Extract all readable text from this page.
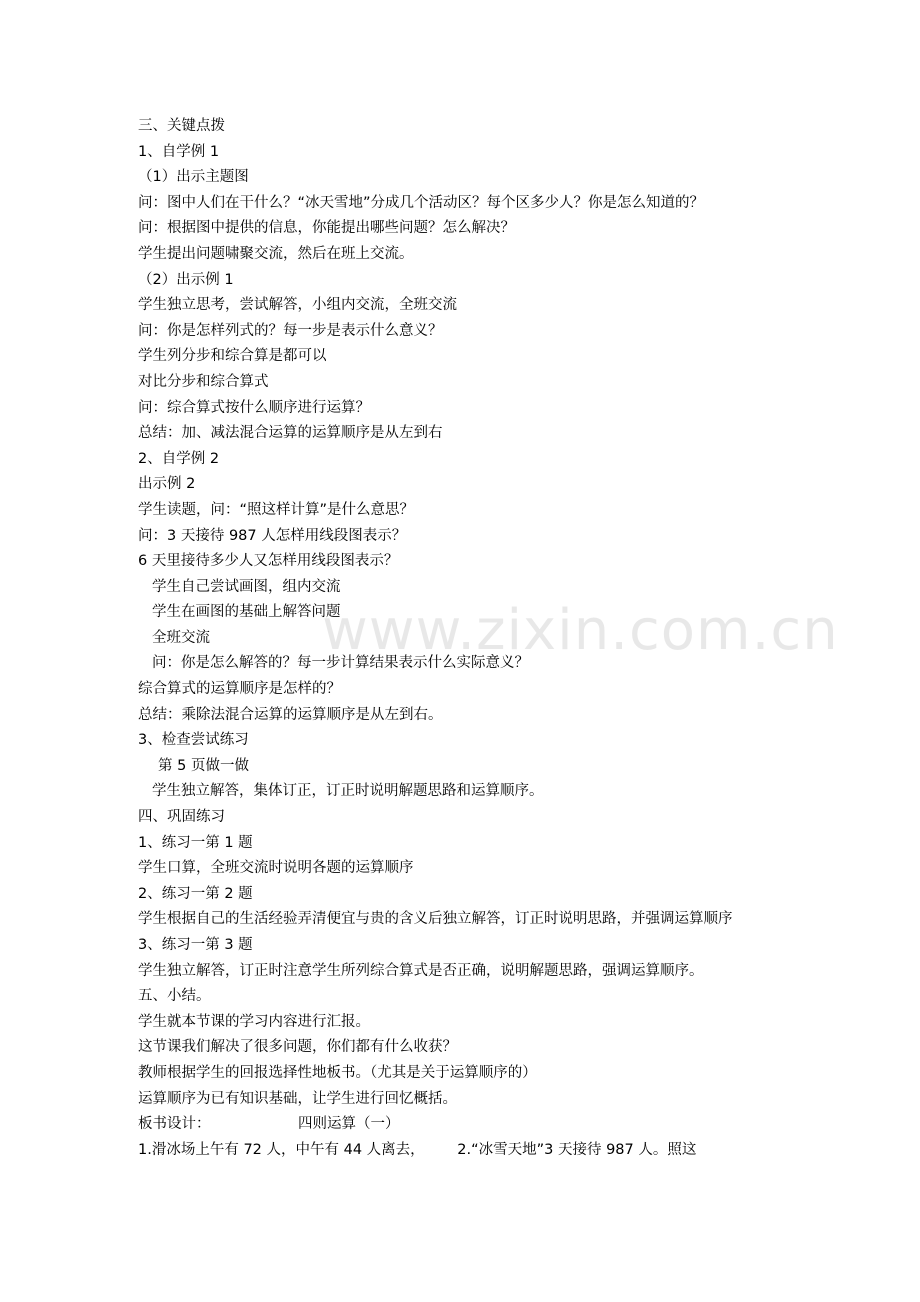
三、关键点拨
1、自学例 1
（1）出示主题图
问：图中人们在干什么？“冰天雪地”分成几个活动区？每个区多少人？你是怎么知道的？
问：根据图中提供的信息，你能提出哪些问题？怎么解决？
学生提出问题啸聚交流，然后在班上交流。
（2）出示例 1
学生独立思考，尝试解答，小组内交流，全班交流
问：你是怎样列式的？每一步是表示什么意义？
学生列分步和综合算是都可以
对比分步和综合算式
问：综合算式按什么顺序进行运算？
总结：加、减法混合运算的运算顺序是从左到右
2、自学例 2
出示例 2
学生读题，问：“照这样计算”是什么意思？
问：3 天接待 987 人怎样用线段图表示？
6 天里接待多少人又怎样用线段图表示？
学生自己尝试画图，组内交流
学生在画图的基础上解答问题
全班交流
问：你是怎么解答的？每一步计算结果表示什么实际意义？
综合算式的运算顺序是怎样的？
总结：乘除法混合运算的运算顺序是从左到右。
3、检查尝试练习
第 5 页做一做
学生独立解答，集体订正，订正时说明解题思路和运算顺序。
四、巩固练习
1、练习一第 1 题
学生口算，全班交流时说明各题的运算顺序
2、练习一第 2 题
学生根据自己的生活经验弄清便宜与贵的含义后独立解答，订正时说明思路，并强调运算顺序
3、练习一第 3 题
学生独立解答，订正时注意学生所列综合算式是否正确，说明解题思路，强调运算顺序。
五、小结。
学生就本节课的学习内容进行汇报。
这节课我们解决了很多问题，你们都有什么收获？
教师根据学生的回报选择性地板书。（尤其是关于运算顺序的）
运算顺序为已有知识基础，让学生进行回忆概括。
板书设计：	四则运算（一）
1.滑冰场上午有 72 人，中午有 44 人离去， 2.“冰雪天地”3 天接待 987 人。照这
www.zixin.com.cn
